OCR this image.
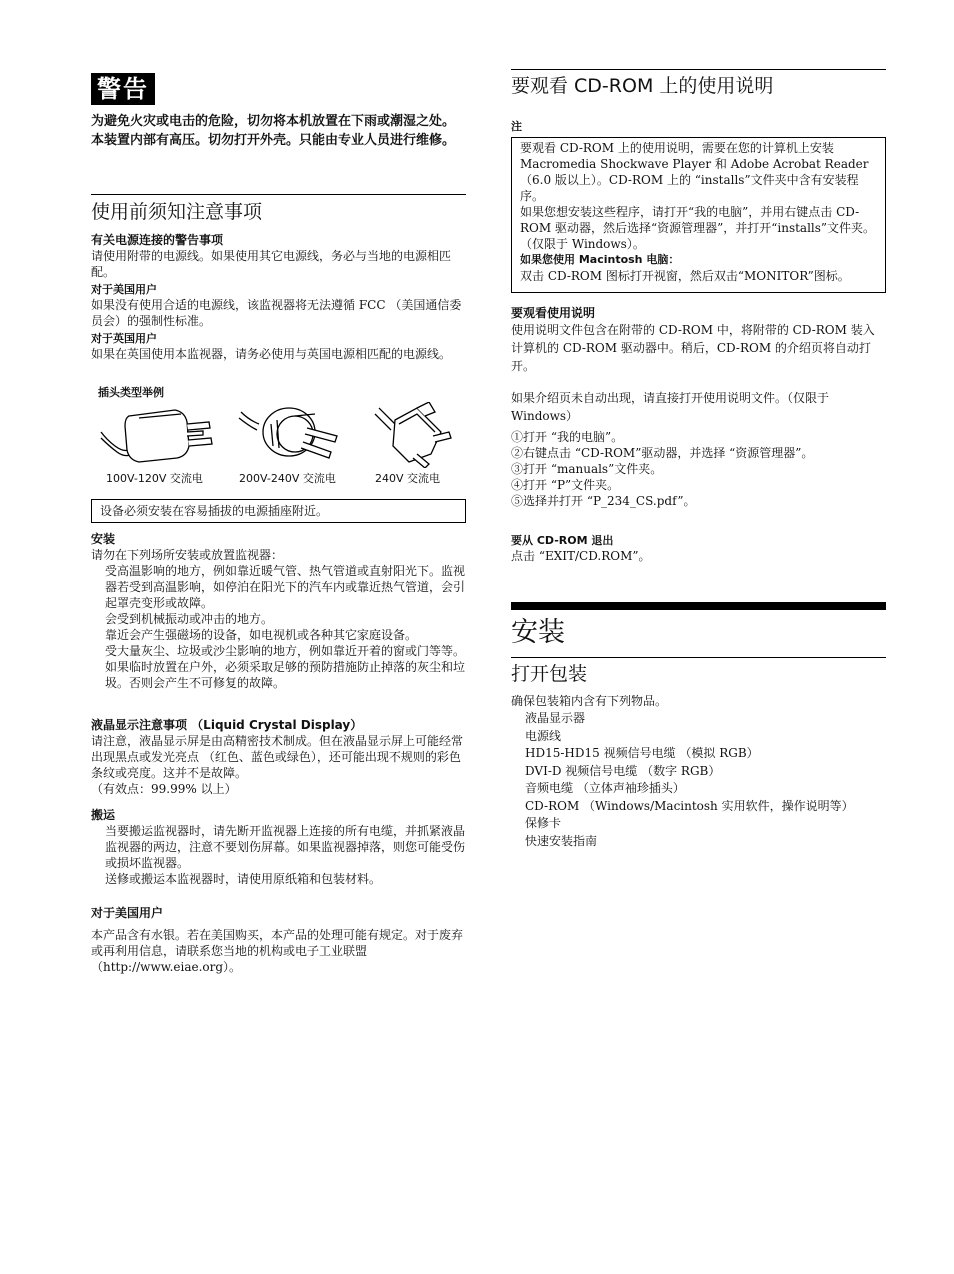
警告

为避免火灾或电击的危险，切勿将本机放置在下雨或潮湿之处。

本装置内部有高压。切勿打开外壳。只能由专业人员进行维修。

使用前须知注意事项

有关电源连接的警告事项

请使用附带的电源线。如果使用其它电源线，务必与当地的电源相匹配。

对于美国用户

如果没有使用合适的电源线，该监视器将无法遵循 FCC （美国通信委员会）的强制性标准。

对于英国用户

如果在英国使用本监视器，请务必使用与英国电源相匹配的电源线。

插头类型举例

100V-120V 交流电	200V-240V 交流电	240V 交流电

设备必须安装在容易插拔的电源插座附近。

安装

请勿在下列场所安装或放置监视器：

受高温影响的地方，例如靠近暖气管、热气管道或直射阳光下。监视器若受到高温影响，如停泊在阳光下的汽车内或靠近热气管道，会引起罩壳变形或故障。

会受到机械振动或冲击的地方。

靠近会产生强磁场的设备，如电视机或各种其它家庭设备。

受大量灰尘、垃圾或沙尘影响的地方，例如靠近开着的窗或门等等。如果临时放置在户外，必须采取足够的预防措施防止掉落的灰尘和垃圾。否则会产生不可修复的故障。

液晶显示注意事项 （Liquid Crystal Display）

请注意，液晶显示屏是由高精密技术制成。但在液晶显示屏上可能经常出现黑点或发光亮点 （红色、蓝色或绿色），还可能出现不规则的彩色条纹或亮度。这并不是故障。

（有效点：99.99% 以上）

搬运

当要搬运监视器时，请先断开监视器上连接的所有电缆，并抓紧液晶监视器的两边，注意不要划伤屏幕。如果监视器掉落，则您可能受伤或损坏监视器。

送修或搬运本监视器时，请使用原纸箱和包装材料。

对于美国用户

本产品含有水银。若在美国购买，本产品的处理可能有规定。对于废弃或再利用信息，请联系您当地的机构或电子工业联盟 （http://www.eiae.org）。

要观看 CD-ROM 上的使用说明

注

要观看 CD-ROM 上的使用说明，需要在您的计算机上安装 Macromedia Shockwave Player 和 Adobe Acrobat Reader （6.0 版以上）。CD-ROM 上的 “installs”文件夹中含有安装程序。

如果您想安装这些程序，请打开“我的电脑”，并用右键点击 CD-ROM 驱动器，然后选择“资源管理器”，并打开“installs”文件夹。（仅限于 Windows）。

如果您使用 Macintosh 电脑：

双击 CD-ROM 图标打开视窗，然后双击“MONITOR”图标。

要观看使用说明

使用说明文件包含在附带的 CD-ROM 中，将附带的 CD-ROM 装入计算机的 CD-ROM 驱动器中。稍后，CD-ROM 的介绍页将自动打开。

如果介绍页未自动出现，请直接打开使用说明文件。（仅限于 Windows）

①打开 “我的电脑”。

②右键点击 “CD-ROM”驱动器，并选择 “资源管理器”。

③打开 “manuals”文件夹。

④打开 “P”文件夹。

⑤选择并打开 “P_234_CS.pdf”。

要从 CD-ROM 退出

点击 “EXIT/CD.ROM”。

安装

打开包装

确保包装箱内含有下列物品。

液晶显示器

电源线

HD15-HD15 视频信号电缆 （模拟 RGB）

DVI-D 视频信号电缆 （数字 RGB）

音频电缆 （立体声袖珍插头）

CD-ROM （Windows/Macintosh 实用软件，操作说明等）

保修卡

快速安装指南
